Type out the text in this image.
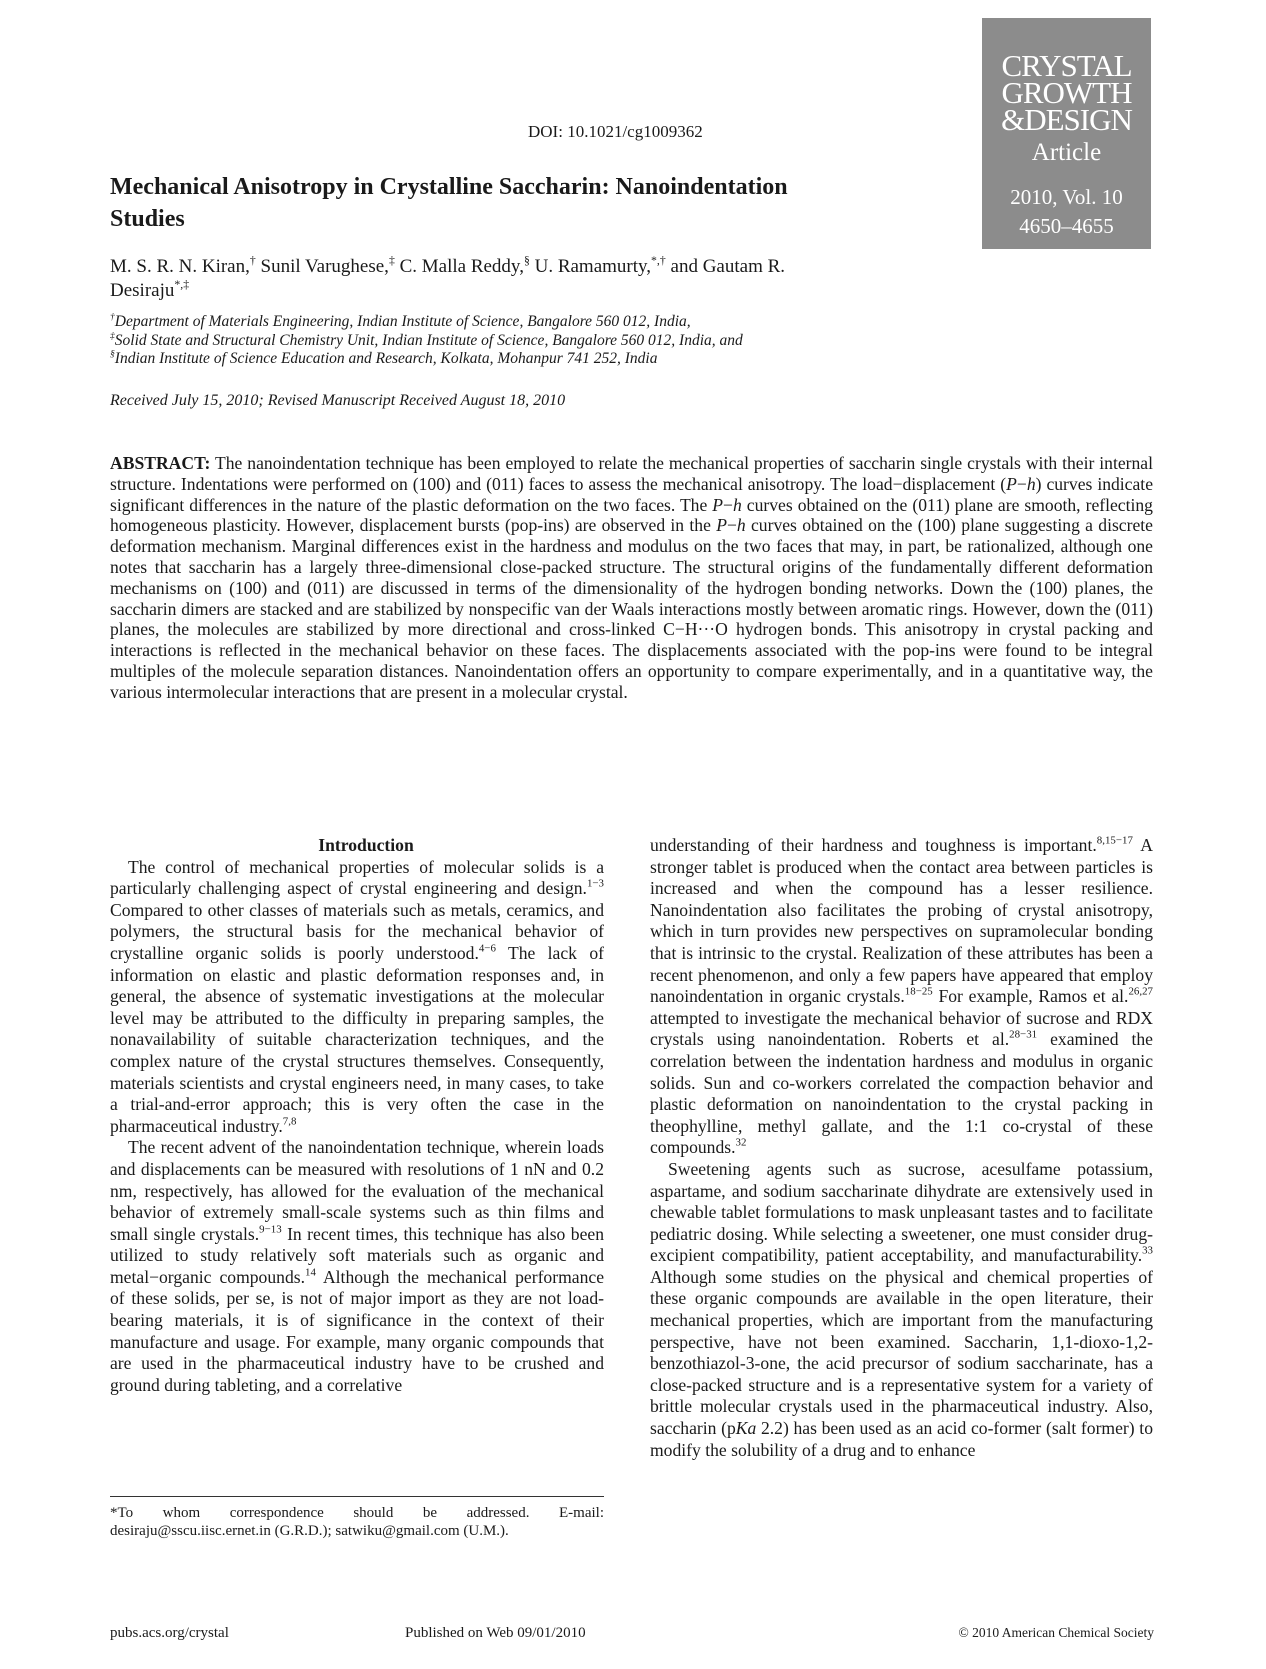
CRYSTAL
GROWTH
&DESIGN
Article
2010, Vol. 10
4650–4655
DOI: 10.1021/cg1009362
Mechanical Anisotropy in Crystalline Saccharin: Nanoindentation Studies
M. S. R. N. Kiran,† Sunil Varughese,‡ C. Malla Reddy,§ U. Ramamurty,*,† and Gautam R. Desiraju*,‡
†Department of Materials Engineering, Indian Institute of Science, Bangalore 560 012, India,
‡Solid State and Structural Chemistry Unit, Indian Institute of Science, Bangalore 560 012, India, and
§Indian Institute of Science Education and Research, Kolkata, Mohanpur 741 252, India
Received July 15, 2010; Revised Manuscript Received August 18, 2010
ABSTRACT: The nanoindentation technique has been employed to relate the mechanical properties of saccharin single crystals with their internal structure. Indentations were performed on (100) and (011) faces to assess the mechanical anisotropy. The load−displacement (P−h) curves indicate significant differences in the nature of the plastic deformation on the two faces. The P−h curves obtained on the (011) plane are smooth, reflecting homogeneous plasticity. However, displacement bursts (pop-ins) are observed in the P−h curves obtained on the (100) plane suggesting a discrete deformation mechanism. Marginal differences exist in the hardness and modulus on the two faces that may, in part, be rationalized, although one notes that saccharin has a largely three-dimensional close-packed structure. The structural origins of the fundamentally different deformation mechanisms on (100) and (011) are discussed in terms of the dimensionality of the hydrogen bonding networks. Down the (100) planes, the saccharin dimers are stacked and are stabilized by nonspecific van der Waals interactions mostly between aromatic rings. However, down the (011) planes, the molecules are stabilized by more directional and cross-linked C−H···O hydrogen bonds. This anisotropy in crystal packing and interactions is reflected in the mechanical behavior on these faces. The displacements associated with the pop-ins were found to be integral multiples of the molecule separation distances. Nanoindentation offers an opportunity to compare experimentally, and in a quantitative way, the various intermolecular interactions that are present in a molecular crystal.

Introduction

The control of mechanical properties of molecular solids is a particularly challenging aspect of crystal engineering and design.$^{1-3}$ Compared to other classes of materials such as metals, ceramics, and polymers, the structural basis for the mechanical behavior of crystalline organic solids is poorly understood.$^{4-6}$ The lack of information on elastic and plastic deformation responses and, in general, the absence of systematic investigations at the molecular level may be attributed to the difficulty in preparing samples, the nonavailability of suitable characterization techniques, and the complex nature of the crystal structures themselves. Consequently, materials scientists and crystal engineers need, in many cases, to take a trial-and-error approach; this is very often the case in the pharmaceutical industry.$^{7,8}$

The recent advent of the nanoindentation technique, wherein loads and displacements can be measured with resolutions of 1 nN and 0.2 nm, respectively, has allowed for the evaluation of the mechanical behavior of extremely small-scale systems such as thin films and small single crystals.$^{9-13}$ In recent times, this technique has also been utilized to study relatively soft materials such as organic and metal−organic compounds.$^{14}$ Although the mechanical performance of these solids, per se, is not of major import as they are not load-bearing materials, it is of significance in the context of their manufacture and usage. For example, many organic compounds that are used in the pharmaceutical industry have to be crushed and ground during tableting, and a correlative

understanding of their hardness and toughness is important.$^{8,15-17}$ A stronger tablet is produced when the contact area between particles is increased and when the compound has a lesser resilience. Nanoindentation also facilitates the probing of crystal anisotropy, which in turn provides new perspectives on supramolecular bonding that is intrinsic to the crystal. Realization of these attributes has been a recent phenomenon, and only a few papers have appeared that employ nanoindentation in organic crystals.$^{18-25}$ For example, Ramos et al.$^{26,27}$ attempted to investigate the mechanical behavior of sucrose and RDX crystals using nanoindentation. Roberts et al.$^{28-31}$ examined the correlation between the indentation hardness and modulus in organic solids. Sun and co-workers correlated the compaction behavior and plastic deformation on nanoindentation to the crystal packing in theophylline, methyl gallate, and the 1:1 co-crystal of these compounds.$^{32}$

Sweetening agents such as sucrose, acesulfame potassium, aspartame, and sodium saccharinate dihydrate are extensively used in chewable tablet formulations to mask unpleasant tastes and to facilitate pediatric dosing. While selecting a sweetener, one must consider drug-excipient compatibility, patient acceptability, and manufacturability.$^{33}$ Although some studies on the physical and chemical properties of these organic compounds are available in the open literature, their mechanical properties, which are important from the manufacturing perspective, have not been examined. Saccharin, 1,1-dioxo-1,2-benzothiazol-3-one, the acid precursor of sodium saccharinate, has a close-packed structure and is a representative system for a variety of brittle molecular crystals used in the pharmaceutical industry. Also, saccharin (pKa 2.2) has been used as an acid co-former (salt former) to modify the solubility of a drug and to enhance

*To whom correspondence should be addressed. E-mail: desiraju@sscu.iisc.ernet.in (G.R.D.); satwiku@gmail.com (U.M.).
pubs.acs.org/crystal	Published on Web 09/01/2010	© 2010 American Chemical Society
